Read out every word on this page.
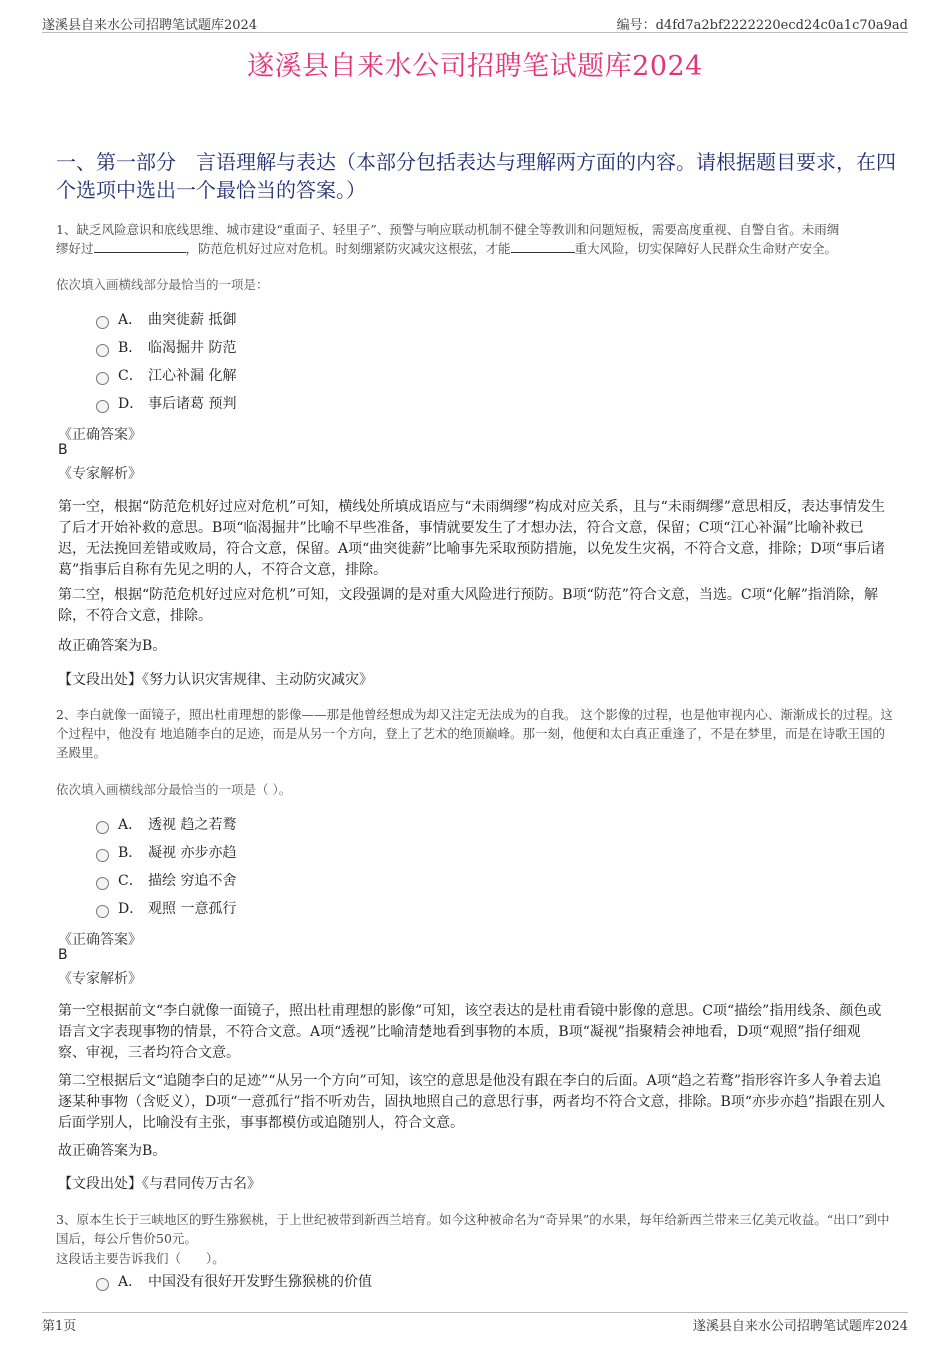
遂溪县自来水公司招聘笔试题库2024	编号：d4fd7a2bf2222220ecd24c0a1c70a9ad
遂溪县自来水公司招聘笔试题库2024
一、第一部分　言语理解与表达（本部分包括表达与理解两方面的内容。请根据题目要求，在四个选项中选出一个最恰当的答案。）
1、缺乏风险意识和底线思维、城市建设“重面子、轻里子”、预警与响应联动机制不健全等教训和问题短板，需要高度重视、自警自省。未雨绸
缪好过	，防范危机好过应对危机。时刻绷紧防灾减灾这根弦，才能	重大风险，切实保障好人民群众生命财产安全。
依次填入画横线部分最恰当的一项是：
A． 曲突徙薪 抵御
B． 临渴掘井 防范
C． 江心补漏 化解
D． 事后诸葛 预判
《正确答案》
B
《专家解析》
第一空，根据“防范危机好过应对危机”可知，横线处所填成语应与“未雨绸缪”构成对应关系，且与“未雨绸缪”意思相反，表达事情发生了后才开始补救的意思。B项“临渴掘井”比喻不早些准备，事情就要发生了才想办法，符合文意，保留；C项“江心补漏”比喻补救已迟，无法挽回差错或败局，符合文意，保留。A项“曲突徙薪”比喻事先采取预防措施，以免发生灾祸，不符合文意，排除；D项“事后诸葛”指事后自称有先见之明的人，不符合文意，排除。
第二空，根据“防范危机好过应对危机”可知，文段强调的是对重大风险进行预防。B项“防范”符合文意，当选。C项“化解”指消除，解除，不符合文意，排除。
故正确答案为B。
【文段出处】《努力认识灾害规律、主动防灾减灾》
2、李白就像一面镜子，照出杜甫理想的影像——那是他曾经想成为却又注定无法成为的自我。 这个影像的过程，也是他审视内心、渐渐成长的过程。这个过程中，他没有 地追随李白的足迹，而是从另一个方向，登上了艺术的绝顶巅峰。那一刻，他便和太白真正重逢了，不是在梦里，而是在诗歌王国的圣殿里。
依次填入画横线部分最恰当的一项是（ ）。
A． 透视 趋之若鹜
B． 凝视 亦步亦趋
C． 描绘 穷追不舍
D． 观照 一意孤行
《正确答案》
B
《专家解析》
第一空根据前文“李白就像一面镜子，照出杜甫理想的影像”可知，该空表达的是杜甫看镜中影像的意思。C项“描绘”指用线条、颜色或语言文字表现事物的情景，不符合文意。A项“透视”比喻清楚地看到事物的本质，B项“凝视”指聚精会神地看，D项“观照”指仔细观察、审视，三者均符合文意。
第二空根据后文“追随李白的足迹”“从另一个方向”可知，该空的意思是他没有跟在李白的后面。A项“趋之若鹜”指形容许多人争着去追逐某种事物（含贬义），D项“一意孤行”指不听劝告，固执地照自己的意思行事，两者均不符合文意，排除。B项“亦步亦趋”指跟在别人后面学别人，比喻没有主张，事事都模仿或追随别人，符合文意。
故正确答案为B。
【文段出处】《与君同传万古名》
3、原本生长于三峡地区的野生猕猴桃，于上世纪被带到新西兰培育。如今这种被命名为“奇异果”的水果，每年给新西兰带来三亿美元收益。“出口”到中国后，每公斤售价50元。
这段话主要告诉我们（　　）。
A． 中国没有很好开发野生猕猴桃的价值
第1页	遂溪县自来水公司招聘笔试题库2024
